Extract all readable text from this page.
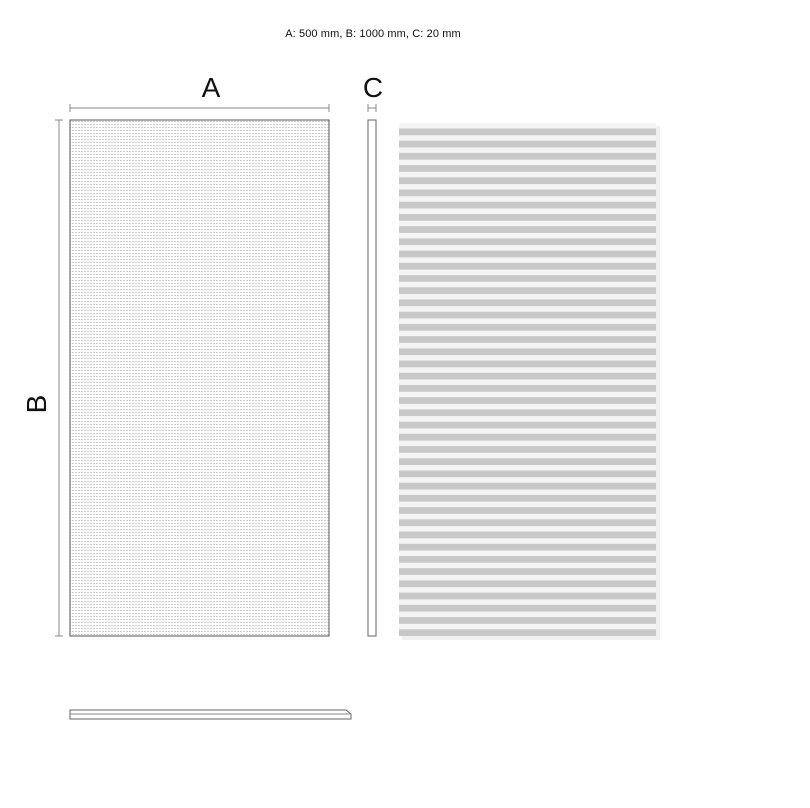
A: 500 mm, B: 1000 mm, C: 20 mm
A
B
C
